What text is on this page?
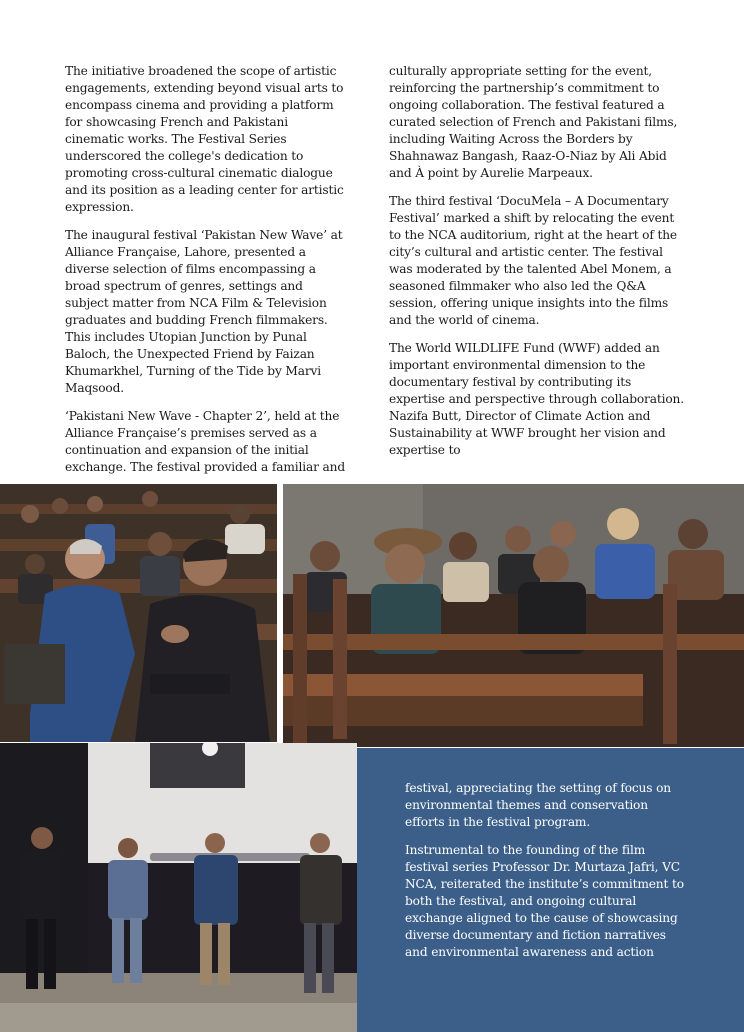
The initiative broadened the scope of artistic engagements, extending beyond visual arts to encompass cinema and providing a platform for showcasing French and Pakistani cinematic works. The Festival Series underscored the college's dedication to promoting cross-cultural cinematic dialogue and its position as a leading center for artistic expression.

The inaugural festival ‘Pakistan New Wave’ at Alliance Française, Lahore, presented a diverse selection of films encompassing a broad spectrum of genres, settings and subject matter from NCA Film & Television graduates and budding French filmmakers. This includes Utopian Junction by Punal Baloch, the Unexpected Friend by Faizan Khumarkhel, Turning of the Tide by Marvi Maqsood.

‘Pakistani New Wave - Chapter 2’, held at the Alliance Française’s premises served as a continuation and expansion of the initial exchange. The festival provided a familiar and

culturally appropriate setting for the event, reinforcing the partnership’s commitment to ongoing collaboration. The festival featured a curated selection of French and Pakistani films, including Waiting Across the Borders by Shahnawaz Bangash, Raaz-O-Niaz by Ali Abid and À point by Aurelie Marpeaux.

The third festival ‘DocuMela – A Documentary Festival’ marked a shift by relocating the event to the NCA auditorium, right at the heart of the city’s cultural and artistic center. The festival was moderated by the talented Abel Monem, a seasoned filmmaker who also led the Q&A session, offering unique insights into the films and the world of cinema.

The World WILDLIFE Fund (WWF) added an important environmental dimension to the documentary festival by contributing its expertise and perspective through collaboration. Nazifa Butt, Director of Climate Action and Sustainability at WWF brought her vision and expertise to

festival, appreciating the setting of focus on environmental themes and conservation efforts in the festival program.

Instrumental to the founding of the film festival series Professor Dr. Murtaza Jafri, VC NCA, reiterated the institute’s commitment to both the festival, and ongoing cultural exchange aligned to the cause of showcasing diverse documentary and fiction narratives and environmental awareness and action
